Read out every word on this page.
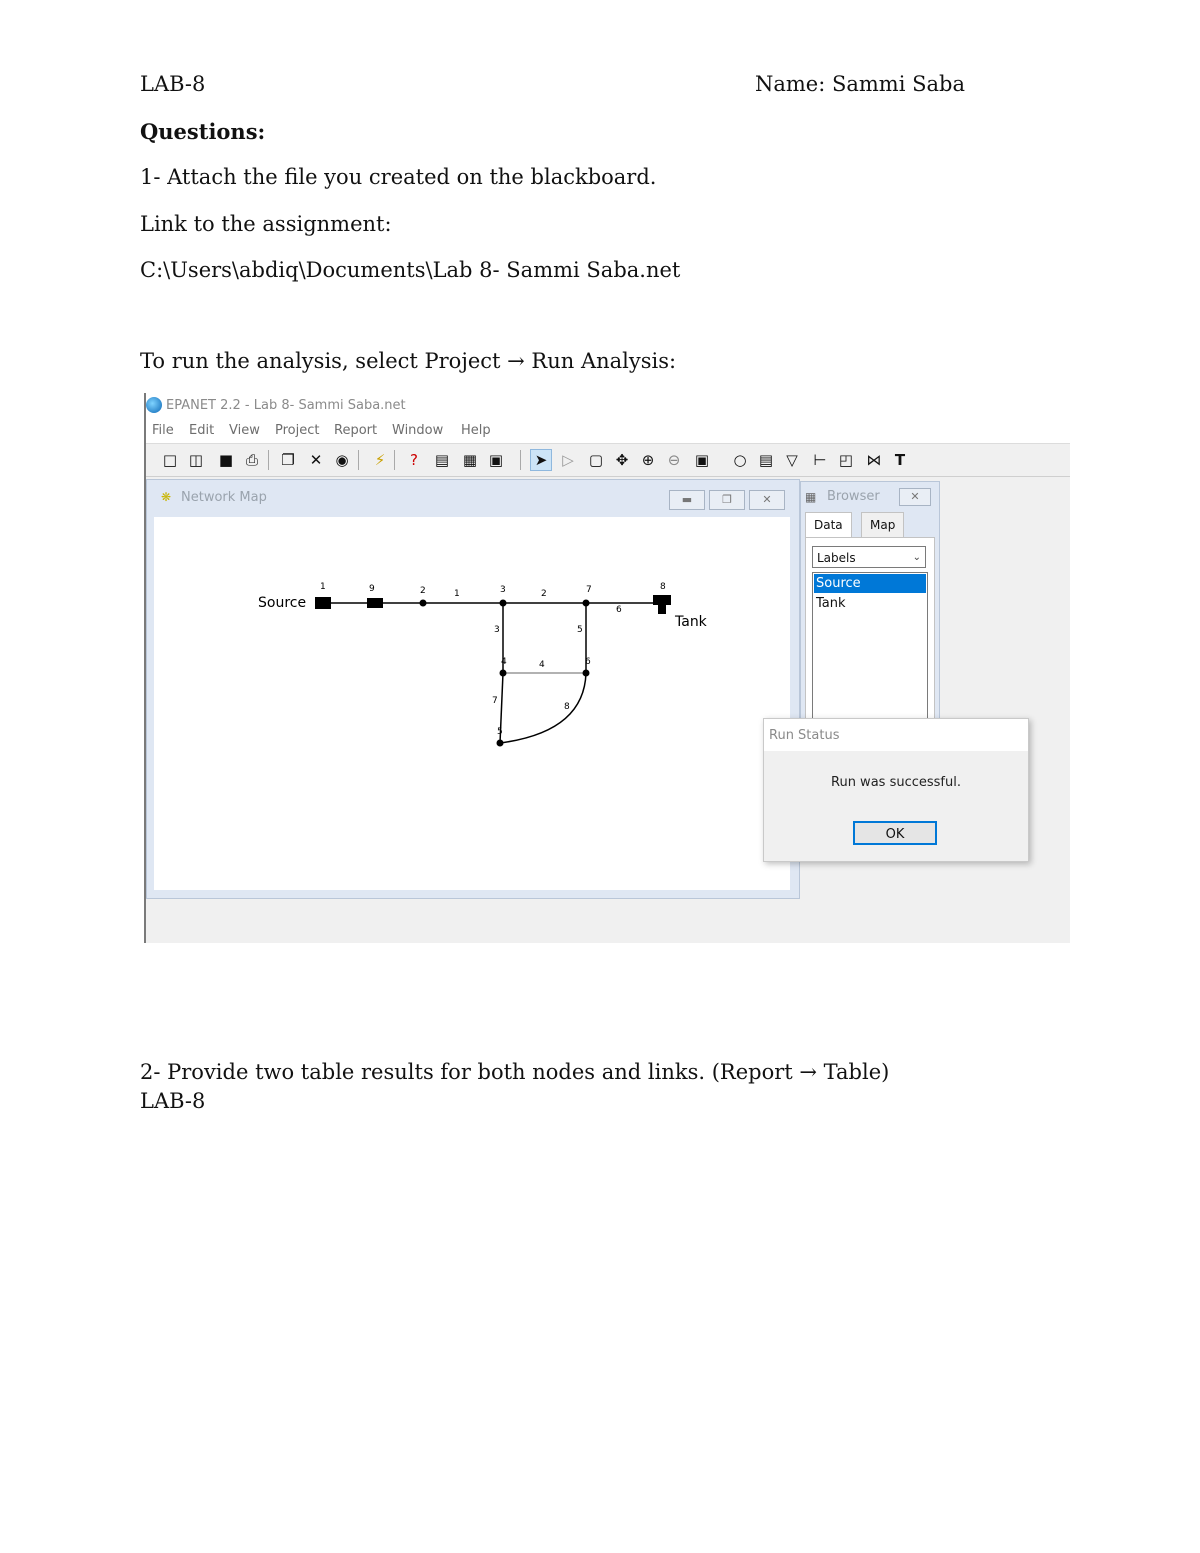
LAB-8	Name: Sammi Saba
Questions:
1- Attach the file you created on the blackboard.
Link to the assignment:
C:\Users\abdiq\Documents\Lab 8- Sammi Saba.net
To run the analysis, select Project → Run Analysis:
2- Provide two table results for both nodes and links. (Report → Table)
LAB-8
EPANET 2.2 - Lab 8- Sammi Saba.net
File Edit View Project Report Window Help
□ ◫ ■ ⎙ ❐ ✕ ◉	⚡	?	▤ ▦ ▣	➤ ▷ ▢ ✥ ⊕ ⊖ ▣ ○ ▤ ▽ ⊢ ◰ ⋈ T
❋ Network Map	▬	❐	✕
Source
Tank
1	9	2	3	7	8
4	6
5
1	2
3
4
5
6
7
8
▦ Browser	✕
Data	Map
Labels	⌄
Source
Tank
Run Status
Run was successful.
OK
